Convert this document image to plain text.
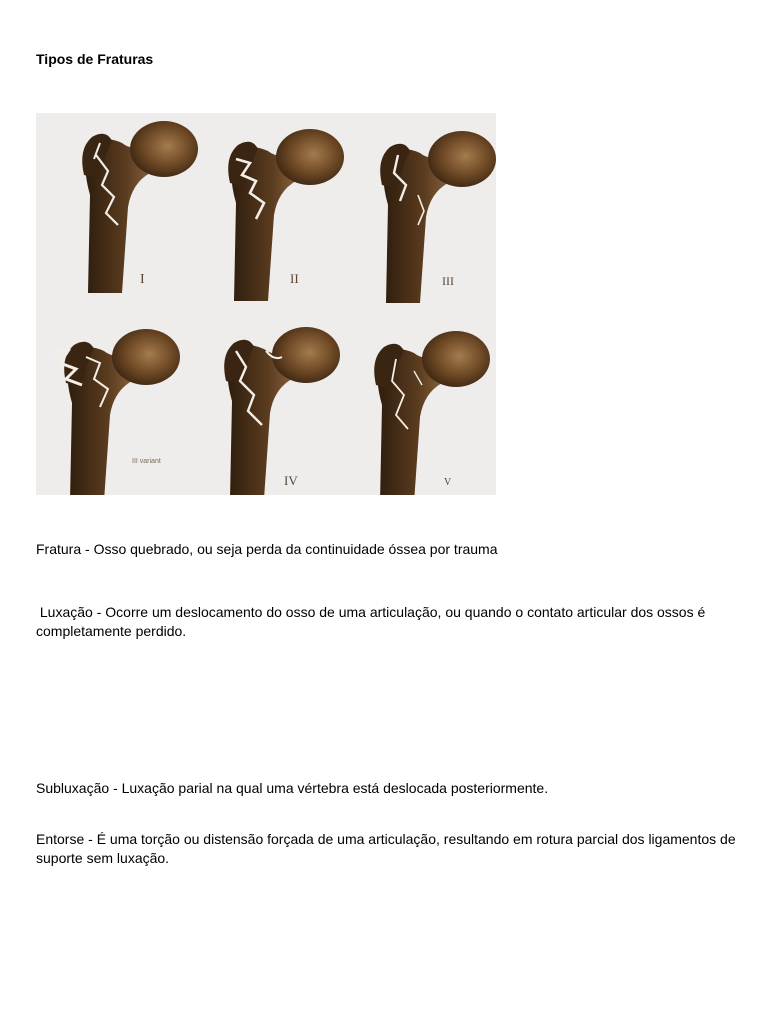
Tipos de Fraturas
I	II	III
III variant
IV	V

Fratura - Osso quebrado, ou seja perda da continuidade óssea por trauma

Luxação - Ocorre um deslocamento do osso de uma articulação, ou quando o contato articular dos ossos é completamente perdido.

Subluxação - Luxação parial na qual uma vértebra está deslocada posteriormente.

Entorse - É uma torção ou distensão forçada de uma articulação, resultando em rotura parcial dos ligamentos de suporte sem luxação.
